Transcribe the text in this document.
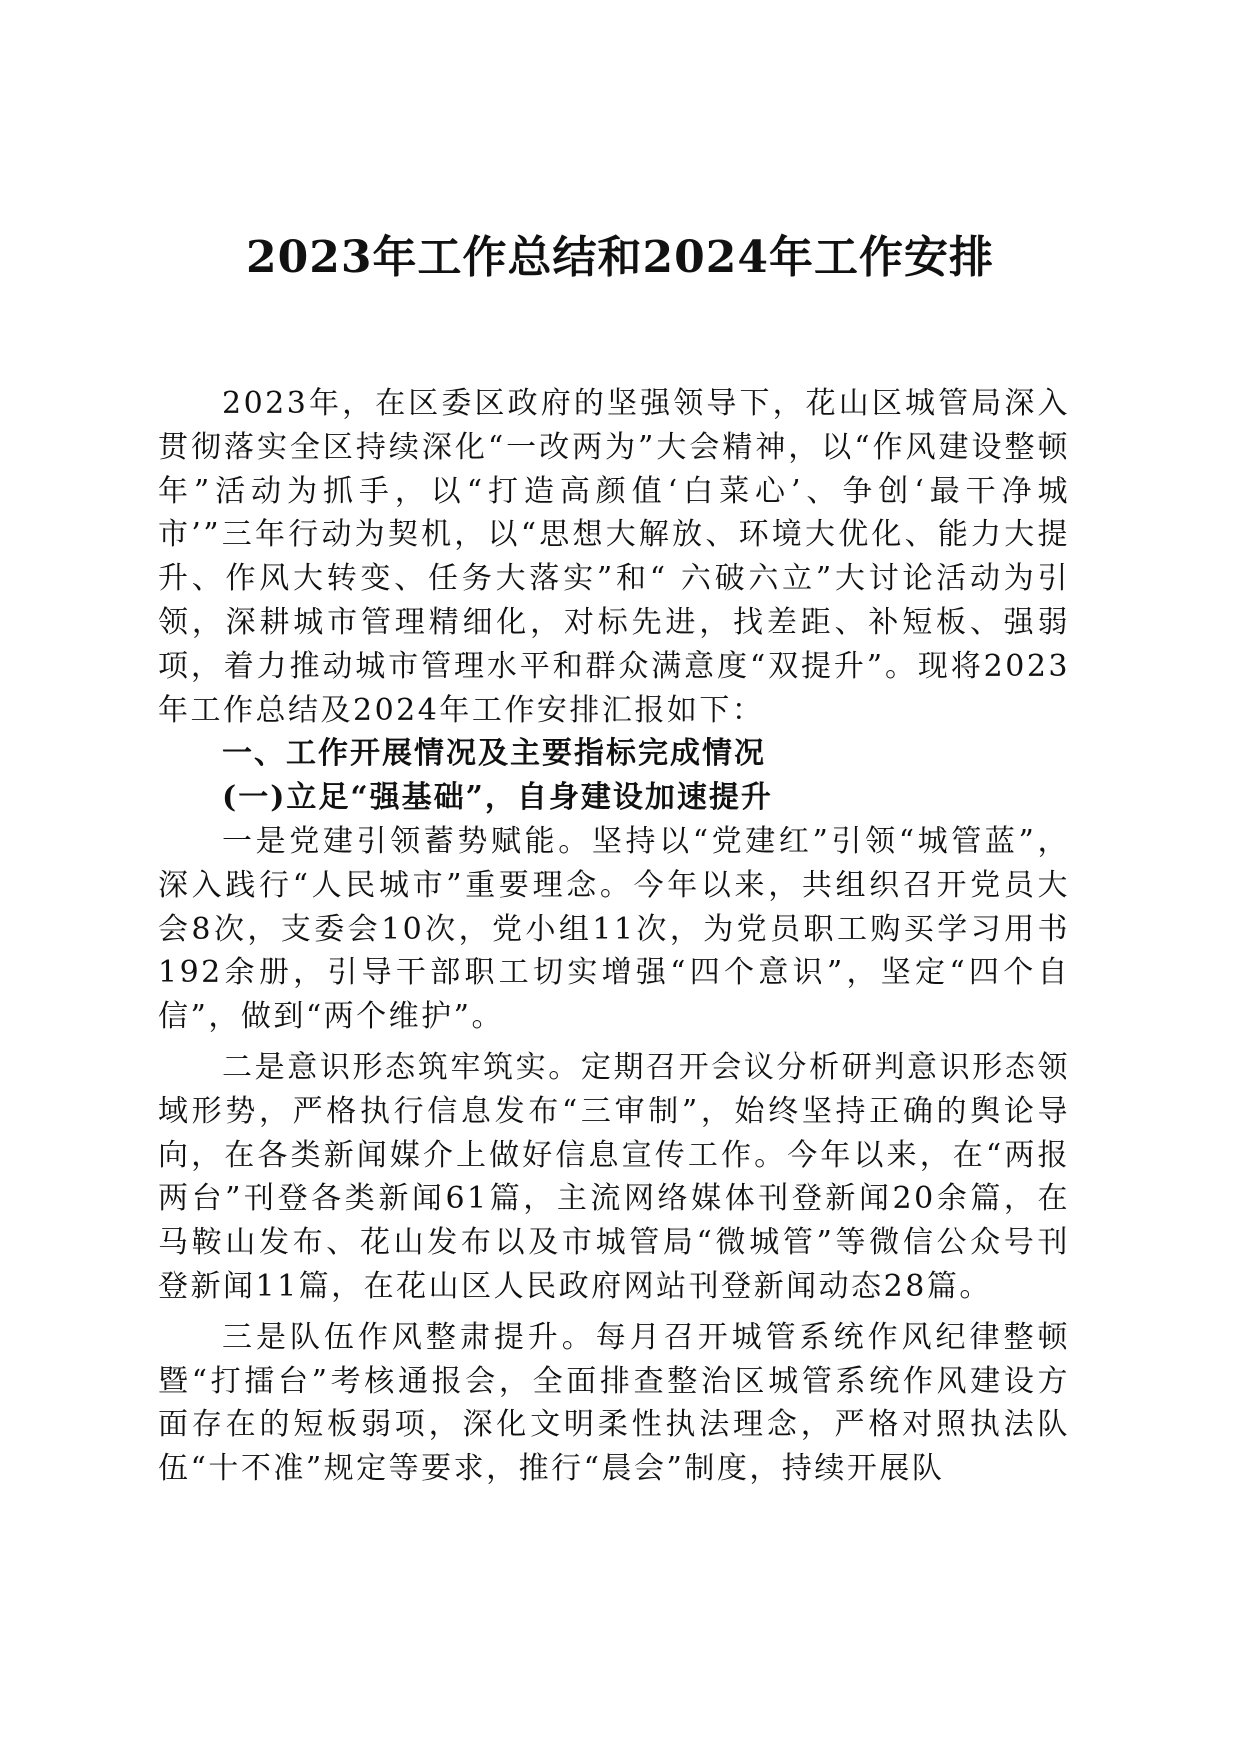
2023年工作总结和2024年工作安排

2023年，在区委区政府的坚强领导下，花山区城管局深入贯彻落实全区持续深化“一改两为”大会精神，以“作风建设整顿年”活动为抓手，以“打造高颜值‘白菜心’、争创‘最干净城市’”三年行动为契机，以“思想大解放、环境大优化、能力大提升、作风大转变、任务大落实”和“ 六破六立”大讨论活动为引领，深耕城市管理精细化，对标先进，找差距、补短板、强弱项，着力推动城市管理水平和群众满意度“双提升”。现将2023年工作总结及2024年工作安排汇报如下：

一、工作开展情况及主要指标完成情况

(一)立足“强基础”，自身建设加速提升

一是党建引领蓄势赋能。坚持以“党建红”引领“城管蓝”，深入践行“人民城市”重要理念。今年以来，共组织召开党员大会8次，支委会10次，党小组11次，为党员职工购买学习用书192余册，引导干部职工切实增强“四个意识”，坚定“四个自信”，做到“两个维护”。

二是意识形态筑牢筑实。定期召开会议分析研判意识形态领域形势，严格执行信息发布“三审制”，始终坚持正确的舆论导向，在各类新闻媒介上做好信息宣传工作。今年以来，在“两报两台”刊登各类新闻61篇，主流网络媒体刊登新闻20余篇，在马鞍山发布、花山发布以及市城管局“微城管”等微信公众号刊登新闻11篇，在花山区人民政府网站刊登新闻动态28篇。

三是队伍作风整肃提升。每月召开城管系统作风纪律整顿暨“打擂台”考核通报会，全面排查整治区城管系统作风建设方面存在的短板弱项，深化文明柔性执法理念，严格对照执法队伍“十不准”规定等要求，推行“晨会”制度，持续开展队
